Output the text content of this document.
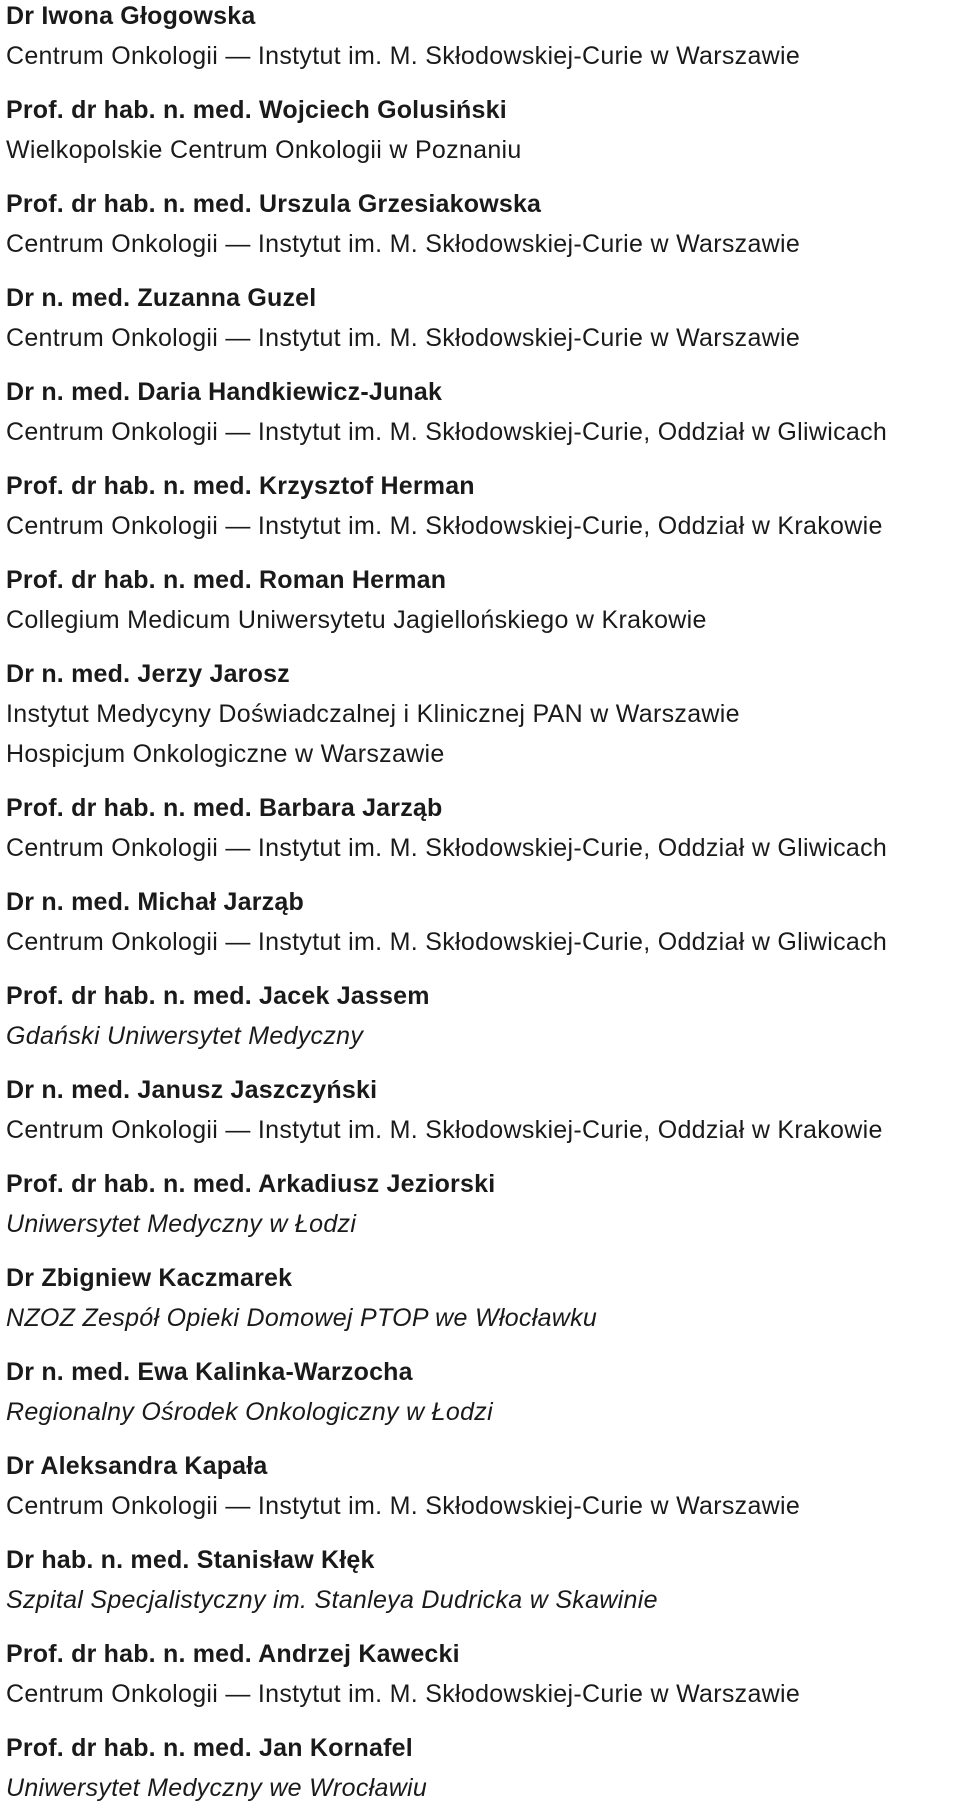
Dr Iwona Głogowska
Centrum Onkologii — Instytut im. M. Skłodowskiej-Curie w Warszawie
Prof. dr hab. n. med. Wojciech Golusiński
Wielkopolskie Centrum Onkologii w Poznaniu
Prof. dr hab. n. med. Urszula Grzesiakowska
Centrum Onkologii — Instytut im. M. Skłodowskiej-Curie w Warszawie
Dr n. med. Zuzanna Guzel
Centrum Onkologii — Instytut im. M. Skłodowskiej-Curie w Warszawie
Dr n. med. Daria Handkiewicz-Junak
Centrum Onkologii — Instytut im. M. Skłodowskiej-Curie, Oddział w Gliwicach
Prof. dr hab. n. med. Krzysztof Herman
Centrum Onkologii — Instytut im. M. Skłodowskiej-Curie, Oddział w Krakowie
Prof. dr hab. n. med. Roman Herman
Collegium Medicum Uniwersytetu Jagiellońskiego w Krakowie
Dr n. med. Jerzy Jarosz
Instytut Medycyny Doświadczalnej i Klinicznej PAN w Warszawie
Hospicjum Onkologiczne w Warszawie
Prof. dr hab. n. med. Barbara Jarząb
Centrum Onkologii — Instytut im. M. Skłodowskiej-Curie, Oddział w Gliwicach
Dr n. med. Michał Jarząb
Centrum Onkologii — Instytut im. M. Skłodowskiej-Curie, Oddział w Gliwicach
Prof. dr hab. n. med. Jacek Jassem
Gdański Uniwersytet Medyczny
Dr n. med. Janusz Jaszczyński
Centrum Onkologii — Instytut im. M. Skłodowskiej-Curie, Oddział w Krakowie
Prof. dr hab. n. med. Arkadiusz Jeziorski
Uniwersytet Medyczny w Łodzi
Dr Zbigniew Kaczmarek
NZOZ Zespół Opieki Domowej PTOP we Włocławku
Dr n. med. Ewa Kalinka-Warzocha
Regionalny Ośrodek Onkologiczny w Łodzi
Dr Aleksandra Kapała
Centrum Onkologii — Instytut im. M. Skłodowskiej-Curie w Warszawie
Dr hab. n. med. Stanisław Kłęk
Szpital Specjalistyczny im. Stanleya Dudricka w Skawinie
Prof. dr hab. n. med. Andrzej Kawecki
Centrum Onkologii — Instytut im. M. Skłodowskiej-Curie w Warszawie
Prof. dr hab. n. med. Jan Kornafel
Uniwersytet Medyczny we Wrocławiu
